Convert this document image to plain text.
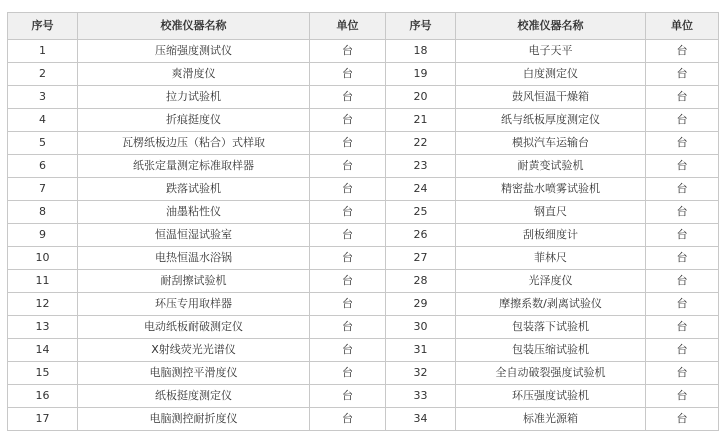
序号	校准仪器名称	单位	序号	校准仪器名称	单位
1	压缩强度测试仪	台	18	电子天平	台
2	爽滑度仪	台	19	白度测定仪	台
3	拉力试验机	台	20	鼓风恒温干燥箱	台
4	折痕挺度仪	台	21	纸与纸板厚度测定仪	台
5	瓦楞纸板边压（粘合）式样取	台	22	模拟汽车运输台	台
6	纸张定量测定标准取样器	台	23	耐黄变试验机	台
7	跌落试验机	台	24	精密盐水喷雾试验机	台
8	油墨粘性仪	台	25	钢直尺	台
9	恒温恒湿试验室	台	26	刮板细度计	台
10	电热恒温水浴锅	台	27	菲林尺	台
11	耐刮擦试验机	台	28	光泽度仪	台
12	环压专用取样器	台	29	摩擦系数/剥离试验仪	台
13	电动纸板耐破测定仪	台	30	包装落下试验机	台
14	X射线荧光光谱仪	台	31	包装压缩试验机	台
15	电脑测控平滑度仪	台	32	全自动破裂强度试验机	台
16	纸板挺度测定仪	台	33	环压强度试验机	台
17	电脑测控耐折度仪	台	34	标准光源箱	台
